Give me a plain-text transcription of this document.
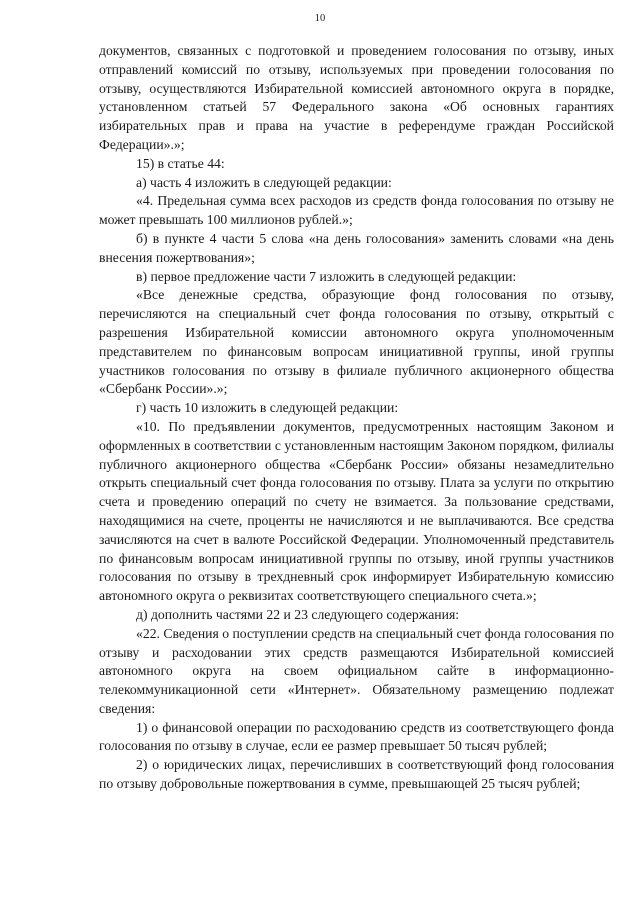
10

документов, связанных с подготовкой и проведением голосования по отзыву, иных отправлений комиссий по отзыву, используемых при проведении голосования по отзыву, осуществляются Избирательной комиссией автономного округа в порядке, установленном статьей 57 Федерального закона «Об основных гарантиях избирательных прав и права на участие в референдуме граждан Российской Федерации».»;

15) в статье 44:

а) часть 4 изложить в следующей редакции:

«4. Предельная сумма всех расходов из средств фонда голосования по отзыву не может превышать 100 миллионов рублей.»;

б) в пункте 4 части 5 слова «на день голосования» заменить словами «на день внесения пожертвования»;

в) первое предложение части 7 изложить в следующей редакции:

«Все денежные средства, образующие фонд голосования по отзыву, перечисляются на специальный счет фонда голосования по отзыву, открытый с разрешения Избирательной комиссии автономного округа уполномоченным представителем по финансовым вопросам инициативной группы, иной группы участников голосования по отзыву в филиале публичного акционерного общества «Сбербанк России».»;

г) часть 10 изложить в следующей редакции:

«10. По предъявлении документов, предусмотренных настоящим Законом и оформленных в соответствии с установленным настоящим Законом порядком, филиалы публичного акционерного общества «Сбербанк России» обязаны незамедлительно открыть специальный счет фонда голосования по отзыву. Плата за услуги по открытию счета и проведению операций по счету не взимается. За пользование средствами, находящимися на счете, проценты не начисляются и не выплачиваются. Все средства зачисляются на счет в валюте Российской Федерации. Уполномоченный представитель по финансовым вопросам инициативной группы по отзыву, иной группы участников голосования по отзыву в трехдневный срок информирует Избирательную комиссию автономного округа о реквизитах соответствующего специального счета.»;

д) дополнить частями 22 и 23 следующего содержания:

«22. Сведения о поступлении средств на специальный счет фонда голосования по отзыву и расходовании этих средств размещаются Избирательной комиссией автономного округа на своем официальном сайте в информационно-телекоммуникационной сети «Интернет». Обязательному размещению подлежат сведения:

1) о финансовой операции по расходованию средств из соответствующего фонда голосования по отзыву в случае, если ее размер превышает 50 тысяч рублей;

2) о юридических лицах, перечисливших в соответствующий фонд голосования по отзыву добровольные пожертвования в сумме, превышающей 25 тысяч рублей;
